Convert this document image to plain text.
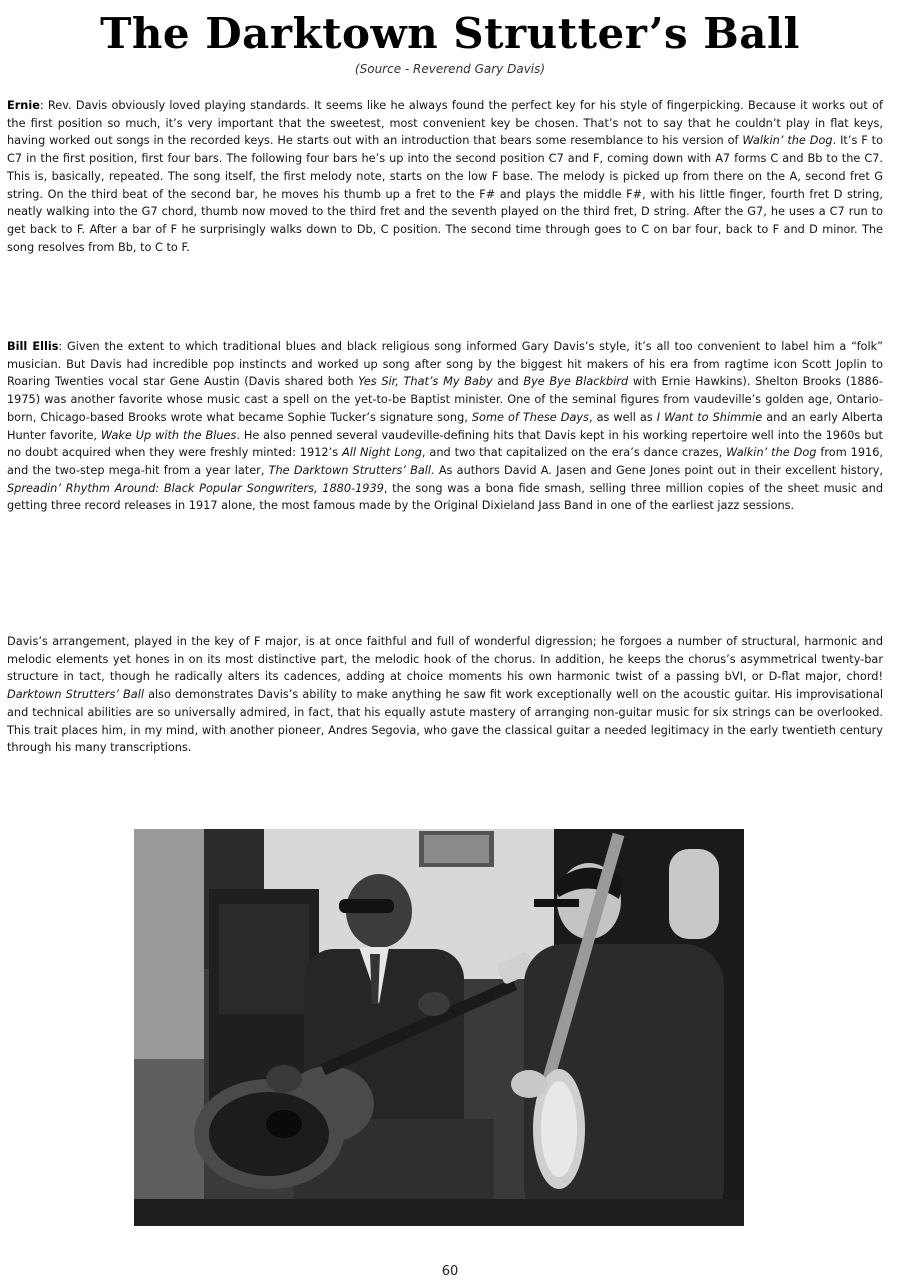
The Darktown Strutter’s Ball
(Source - Reverend Gary Davis)

Ernie: Rev. Davis obviously loved playing standards. It seems like he always found the perfect key for his style of fingerpicking. Because it works out of the first position so much, it’s very important that the sweetest, most convenient key be chosen. That’s not to say that he couldn’t play in flat keys, having worked out songs in the recorded keys. He starts out with an introduction that bears some resemblance to his version of Walkin’ the Dog. It’s F to C7 in the first position, first four bars. The following four bars he’s up into the second position C7 and F, coming down with A7 forms C and Bb to the C7. This is, basically, repeated. The song itself, the first melody note, starts on the low F base. The melody is picked up from there on the A, second fret G string. On the third beat of the second bar, he moves his thumb up a fret to the F# and plays the middle F#, with his little finger, fourth fret D string, neatly walking into the G7 chord, thumb now moved to the third fret and the seventh played on the third fret, D string. After the G7, he uses a C7 run to get back to F. After a bar of F he surprisingly walks down to Db, C position. The second time through goes to C on bar four, back to F and D minor. The song resolves from Bb, to C to F.

Bill Ellis: Given the extent to which traditional blues and black religious song informed Gary Davis’s style, it’s all too convenient to label him a “folk” musician. But Davis had incredible pop instincts and worked up song after song by the biggest hit makers of his era from ragtime icon Scott Joplin to Roaring Twenties vocal star Gene Austin (Davis shared both Yes Sir, That’s My Baby and Bye Bye Blackbird with Ernie Hawkins). Shelton Brooks (1886-1975) was another favorite whose music cast a spell on the yet-to-be Baptist minister. One of the seminal figures from vaudeville’s golden age, Ontario-born, Chicago-based Brooks wrote what became Sophie Tucker’s signature song, Some of These Days, as well as I Want to Shimmie and an early Alberta Hunter favorite, Wake Up with the Blues. He also penned several vaudeville-defining hits that Davis kept in his working repertoire well into the 1960s but no doubt acquired when they were freshly minted: 1912’s All Night Long, and two that capitalized on the era’s dance crazes, Walkin’ the Dog from 1916, and the two-step mega-hit from a year later, The Darktown Strutters’ Ball. As authors David A. Jasen and Gene Jones point out in their excellent history, Spreadin’ Rhythm Around: Black Popular Songwriters, 1880-1939, the song was a bona fide smash, selling three million copies of the sheet music and getting three record releases in 1917 alone, the most famous made by the Original Dixieland Jass Band in one of the earliest jazz sessions.

Davis’s arrangement, played in the key of F major, is at once faithful and full of wonderful digression; he forgoes a number of structural, harmonic and melodic elements yet hones in on its most distinctive part, the melodic hook of the chorus. In addition, he keeps the chorus’s asymmetrical twenty-bar structure in tact, though he radically alters its cadences, adding at choice moments his own harmonic twist of a passing bVI, or D-flat major, chord! Darktown Strutters’ Ball also demonstrates Davis’s ability to make anything he saw fit work exceptionally well on the acoustic guitar. His improvisational and technical abilities are so universally admired, in fact, that his equally astute mastery of arranging non-guitar music for six strings can be overlooked. This trait places him, in my mind, with another pioneer, Andres Segovia, who gave the classical guitar a needed legitimacy in the early twentieth century through his many transcriptions.

60
